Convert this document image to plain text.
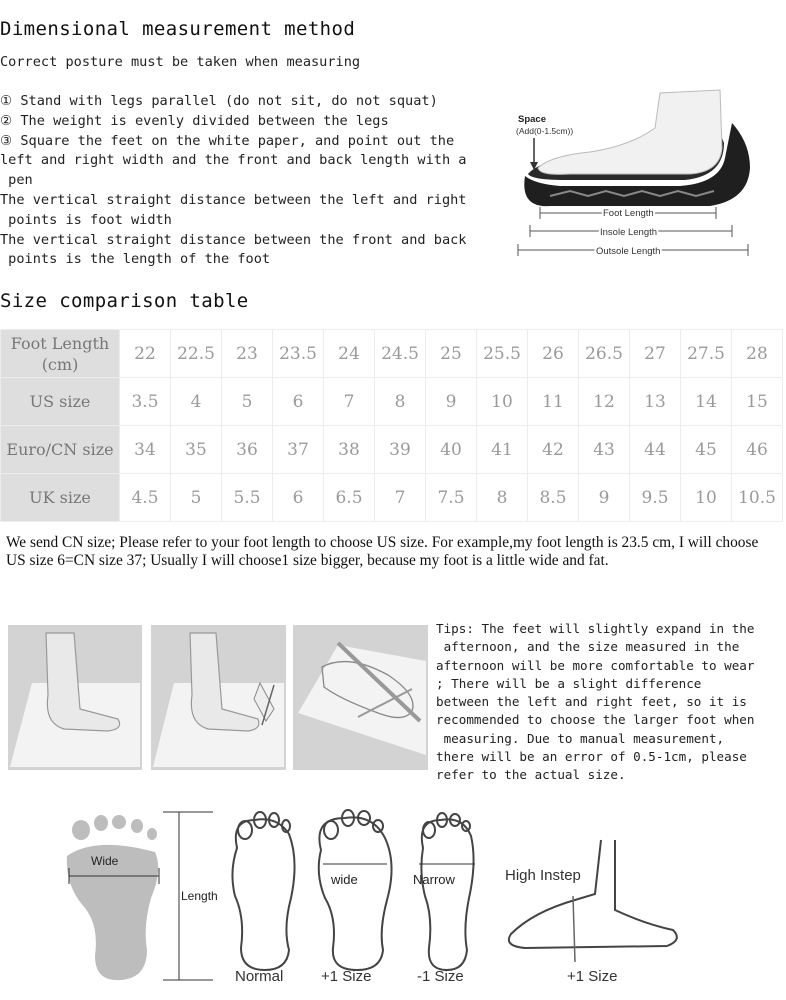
Dimensional measurement method
Correct posture must be taken when measuring
① Stand with legs parallel (do not sit, do not squat)
② The weight is evenly divided between the legs
③ Square the feet on the white paper, and point out the
left and right width and the front and back length with a
pen
The vertical straight distance between the left and right
points is foot width
The vertical straight distance between the front and back
points is the length of the foot
Space
(Add(0-1.5cm))
Foot Length
Insole Length
Outsole Length
Size comparison table
Foot Length (cm)	22	22.5	23	23.5	24	24.5	25	25.5	26	26.5	27	27.5	28
US size	3.5	4	5	6	7	8	9	10	11	12	13	14	15
Euro/CN size	34	35	36	37	38	39	40	41	42	43	44	45	46
UK size	4.5	5	5.5	6	6.5	7	7.5	8	8.5	9	9.5	10	10.5
We send CN size; Please refer to your foot length to choose US size. For example,my foot length is 23.5 cm, I will choose US size 6=CN size 37; Usually I will choose1 size bigger, because my foot is a little wide and fat.
Tips: The feet will slightly expand in the
afternoon, and the size measured in the
afternoon will be more comfortable to wear
; There will be a slight difference
between the left and right feet, so it is
recommended to choose the larger foot when
measuring. Due to manual measurement,
there will be an error of 0.5-1cm, please
refer to the actual size.
Wide
Length
Normal
wide
+1 Size
Narrow
-1 Size
High Instep
+1 Size
